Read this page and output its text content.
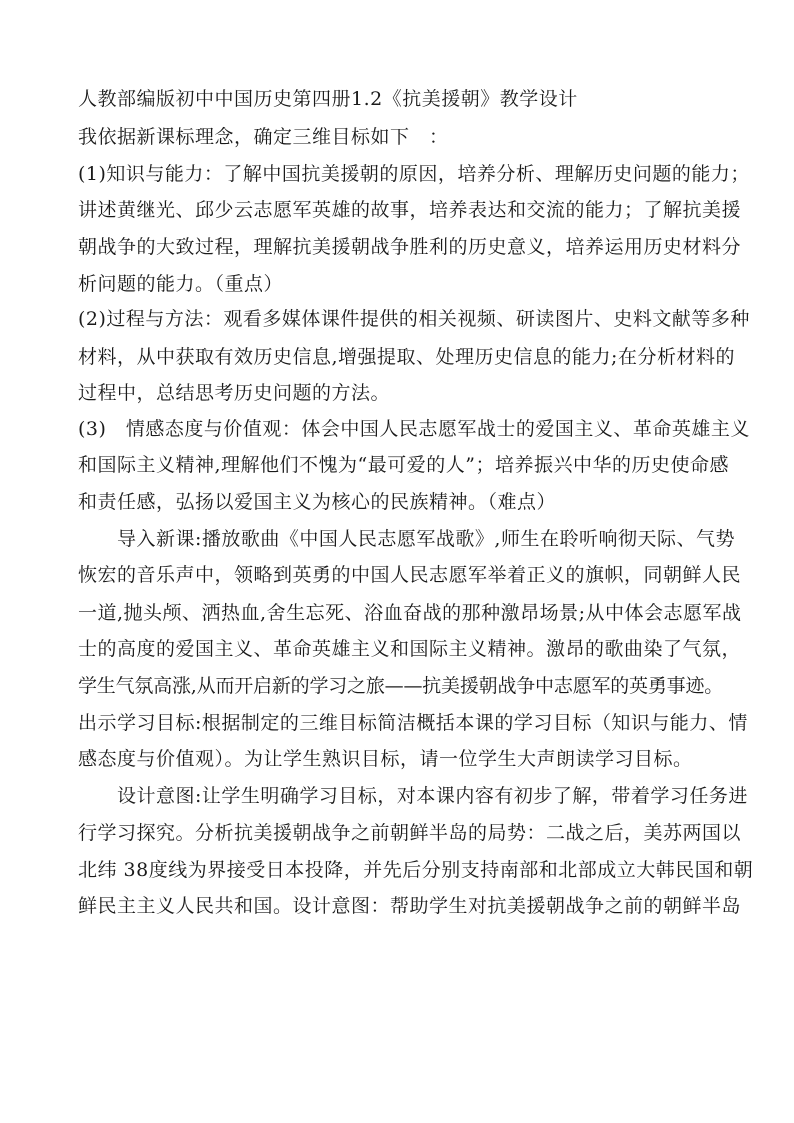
人教部编版初中中国历史第四册1.2《抗美援朝》教学设计
我依据新课标理念，确定三维目标如下　：
(1)知识与能力：了解中国抗美援朝的原因，培养分析、理解历史问题的能力；
讲述黄继光、邱少云志愿军英雄的故事，培养表达和交流的能力；了解抗美援
朝战争的大致过程，理解抗美援朝战争胜利的历史意义，培养运用历史材料分
析问题的能力。（重点）
(2)过程与方法：观看多媒体课件提供的相关视频、研读图片、史料文献等多种
材料，从中获取有效历史信息,增强提取、处理历史信息的能力;在分析材料的
过程中，总结思考历史问题的方法。
(3)　情感态度与价值观：体会中国人民志愿军战士的爱国主义、革命英雄主义
和国际主义精神,理解他们不愧为“最可爱的人”；培养振兴中华的历史使命感
和责任感，弘扬以爱国主义为核心的民族精神。（难点）
导入新课:播放歌曲《中国人民志愿军战歌》,师生在聆听响彻天际、气势
恢宏的音乐声中，领略到英勇的中国人民志愿军举着正义的旗帜，同朝鲜人民
一道,抛头颅、洒热血,舍生忘死、浴血奋战的那种激昂场景;从中体会志愿军战
士的高度的爱国主义、革命英雄主义和国际主义精神。激昂的歌曲染了气氛，
学生气氛高涨,从而开启新的学习之旅——抗美援朝战争中志愿军的英勇事迹。
出示学习目标:根据制定的三维目标简洁概括本课的学习目标（知识与能力、情
感态度与价值观）。为让学生熟识目标，请一位学生大声朗读学习目标。
设计意图:让学生明确学习目标，对本课内容有初步了解，带着学习任务进
行学习探究。分析抗美援朝战争之前朝鲜半岛的局势：二战之后，美苏两国以
北纬 38度线为界接受日本投降，并先后分别支持南部和北部成立大韩民国和朝
鲜民主主义人民共和国。设计意图：帮助学生对抗美援朝战争之前的朝鲜半岛
